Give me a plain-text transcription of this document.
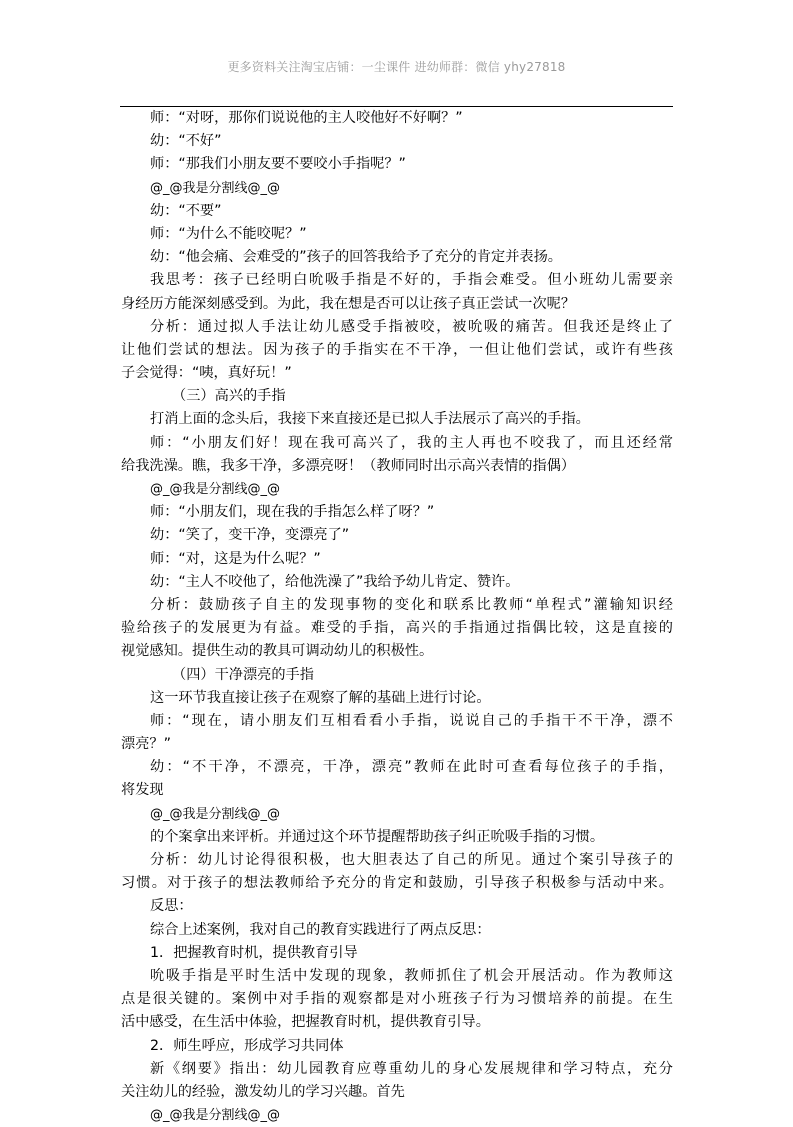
更多资料关注淘宝店铺：一尘课件 进幼师群：微信 yhy27818
师：“对呀，那你们说说他的主人咬他好不好啊？”
幼：“不好”
师：“那我们小朋友要不要咬小手指呢？”
@_@我是分割线@_@
幼：“不要”
师：“为什么不能咬呢？”
幼：“他会痛、会难受的”孩子的回答我给予了充分的肯定并表扬。
我思考：孩子已经明白吮吸手指是不好的，手指会难受。但小班幼儿需要亲
身经历方能深刻感受到。为此，我在想是否可以让孩子真正尝试一次呢？
分析：通过拟人手法让幼儿感受手指被咬，被吮吸的痛苦。但我还是终止了
让他们尝试的想法。因为孩子的手指实在不干净，一但让他们尝试，或许有些孩
子会觉得：“咦，真好玩！”
（三）高兴的手指
打消上面的念头后，我接下来直接还是已拟人手法展示了高兴的手指。
师：“小朋友们好！现在我可高兴了，我的主人再也不咬我了，而且还经常
给我洗澡。瞧，我多干净，多漂亮呀！（教师同时出示高兴表情的指偶）
@_@我是分割线@_@
师：“小朋友们，现在我的手指怎么样了呀？”
幼：“笑了，变干净，变漂亮了”
师：“对，这是为什么呢？”
幼：“主人不咬他了，给他洗澡了”我给予幼儿肯定、赞许。
分析：鼓励孩子自主的发现事物的变化和联系比教师“单程式”灌输知识经
验给孩子的发展更为有益。难受的手指，高兴的手指通过指偶比较，这是直接的
视觉感知。提供生动的教具可调动幼儿的积极性。
（四）干净漂亮的手指
这一环节我直接让孩子在观察了解的基础上进行讨论。
师：“现在，请小朋友们互相看看小手指，说说自己的手指干不干净，漂不
漂亮？”
幼：“不干净，不漂亮，干净，漂亮”教师在此时可查看每位孩子的手指，
将发现
@_@我是分割线@_@
的个案拿出来评析。并通过这个环节提醒帮助孩子纠正吮吸手指的习惯。
分析：幼儿讨论得很积极，也大胆表达了自己的所见。通过个案引导孩子的
习惯。对于孩子的想法教师给予充分的肯定和鼓励，引导孩子积极参与活动中来。
反思：
综合上述案例，我对自己的教育实践进行了两点反思：
1．把握教育时机，提供教育引导
吮吸手指是平时生活中发现的现象，教师抓住了机会开展活动。作为教师这
点是很关键的。案例中对手指的观察都是对小班孩子行为习惯培养的前提。在生
活中感受，在生活中体验，把握教育时机，提供教育引导。
2．师生呼应，形成学习共同体
新《纲要》指出：幼儿园教育应尊重幼儿的身心发展规律和学习特点，充分
关注幼儿的经验，激发幼儿的学习兴趣。首先
@_@我是分割线@_@
